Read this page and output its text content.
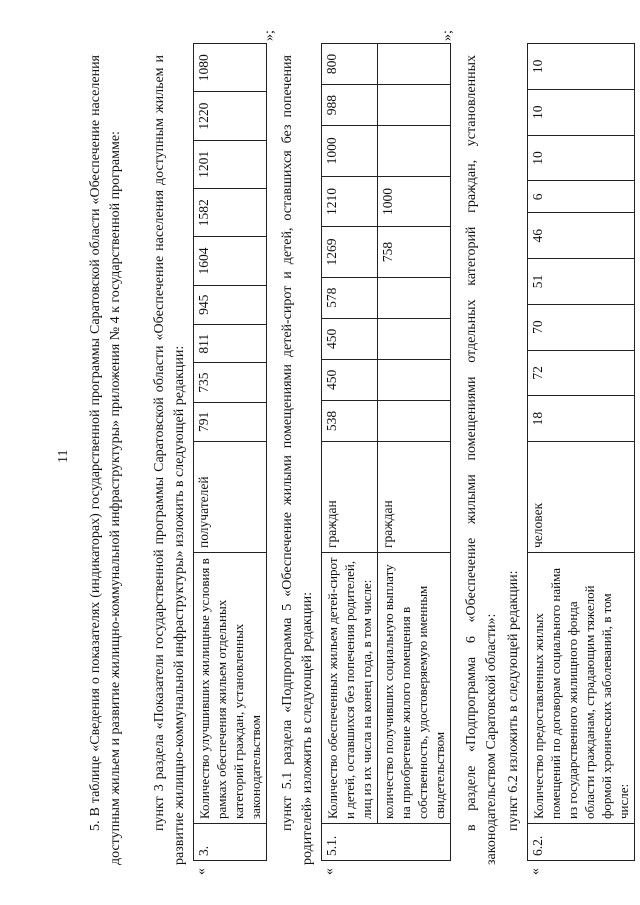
11 5. В таблице «Сведения о показателях (индикаторах) государственной программы Саратовской области «Обеспечение населения доступным жильем и развитие жилищно-коммунальной инфраструктуры» приложения № 4 к государственной программе: пункт 3 раздела «Показатели государственной программы Саратовской области «Обеспечение населения доступным жильем и развитие жилищно-коммунальной инфраструктуры» изложить в следующей редакции:
«
3.	Количество улучшивших жилищные условия в рамках обеспечения жильем отдельных категорий граждан, установленных законодательством	получателей	791	735	811	945	1604	1582	1201	1220	1080
»;
пункт 5.1 раздела «Подпрограмма 5 «Обеспечение жилыми помещениями детей-сирот и детей, оставшихся без попечения родителей» изложить в следующей редакции:
«
5.1.	Количество обеспеченных жильем детей-сирот и детей, оставшихся без попечения родителей, лиц из их числа на конец года, в том числе:	граждан	538	450	450	578	1269	1210	1000	988	800
	количество получивших социальную выплату на приобретение жилого помещения в собственность, удостоверяемую именным свидетельством	граждан					758	1000			
»;
в разделе «Подпрограмма 6 «Обеспечение жилыми помещениями отдельных категорий граждан, установленных законодательством Саратовской области»: пункт 6.2 изложить в следующей редакции:
«
6.2.	Количество предоставленных жилых помещений по договорам социального найма из государственного жилищного фонда области гражданам, страдающим тяжелой формой хронических заболеваний, в том числе:	человек	18	72	70	51	46	6	10	10	10
